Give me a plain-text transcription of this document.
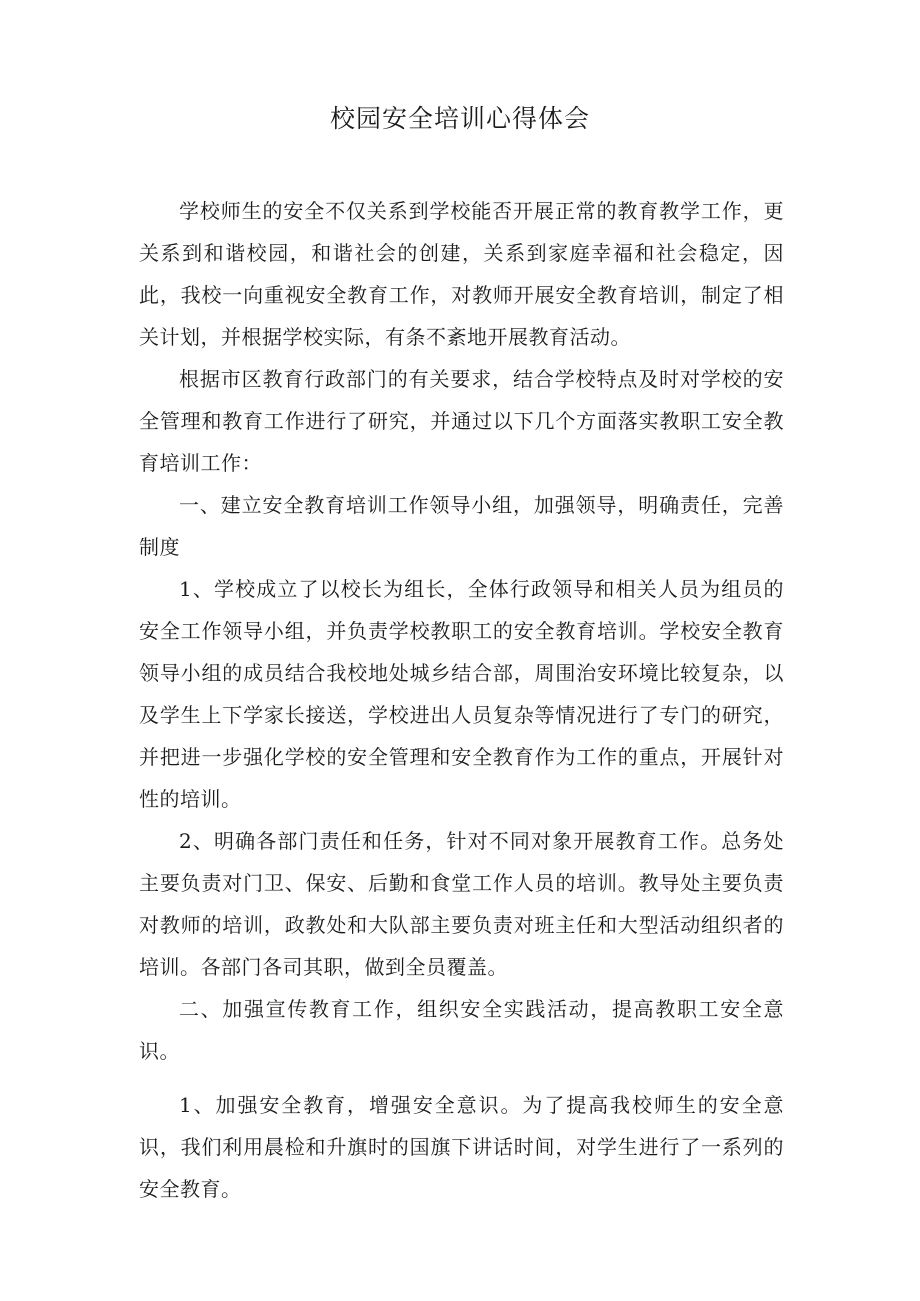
校园安全培训心得体会

学校师生的安全不仅关系到学校能否开展正常的教育教学工作，更关系到和谐校园，和谐社会的创建，关系到家庭幸福和社会稳定，因此，我校一向重视安全教育工作，对教师开展安全教育培训，制定了相关计划，并根据学校实际，有条不紊地开展教育活动。

根据市区教育行政部门的有关要求，结合学校特点及时对学校的安全管理和教育工作进行了研究，并通过以下几个方面落实教职工安全教育培训工作：

一、建立安全教育培训工作领导小组，加强领导，明确责任，完善制度

1、学校成立了以校长为组长，全体行政领导和相关人员为组员的安全工作领导小组，并负责学校教职工的安全教育培训。学校安全教育领导小组的成员结合我校地处城乡结合部，周围治安环境比较复杂，以及学生上下学家长接送，学校进出人员复杂等情况进行了专门的研究，并把进一步强化学校的安全管理和安全教育作为工作的重点，开展针对性的培训。

2、明确各部门责任和任务，针对不同对象开展教育工作。总务处主要负责对门卫、保安、后勤和食堂工作人员的培训。教导处主要负责对教师的培训，政教处和大队部主要负责对班主任和大型活动组织者的培训。各部门各司其职，做到全员覆盖。

二、加强宣传教育工作，组织安全实践活动，提高教职工安全意识。

1、加强安全教育，增强安全意识。为了提高我校师生的安全意识，我们利用晨检和升旗时的国旗下讲话时间，对学生进行了一系列的安全教育。
